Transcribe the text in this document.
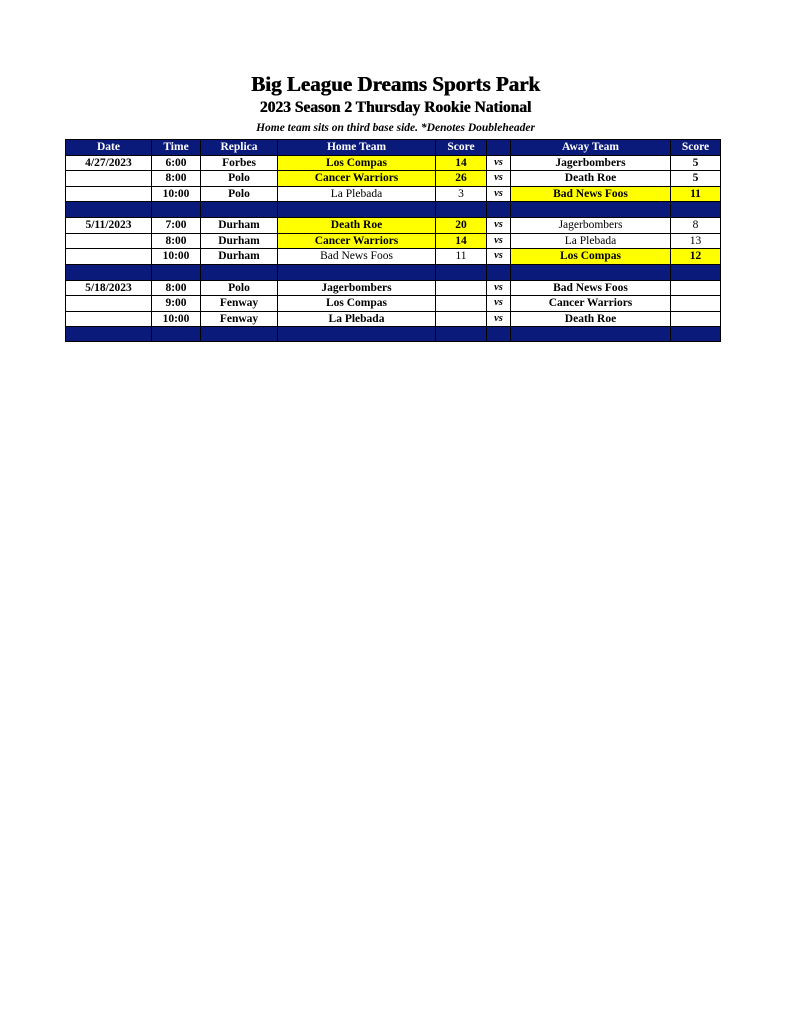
Big League Dreams Sports Park
2023 Season 2 Thursday Rookie National
Home team sits on third base side. *Denotes Doubleheader
Date	Time	Replica	Home Team	Score		Away Team	Score
4/27/2023	6:00	Forbes	Los Compas	14	vs	Jagerbombers	5
	8:00	Polo	Cancer Warriors	26	vs	Death Roe	5
	10:00	Polo	La Plebada	3	vs	Bad News Foos	11

5/11/2023	7:00	Durham	Death Roe	20	vs	Jagerbombers	8
	8:00	Durham	Cancer Warriors	14	vs	La Plebada	13
	10:00	Durham	Bad News Foos	11	vs	Los Compas	12

5/18/2023	8:00	Polo	Jagerbombers		vs	Bad News Foos	
	9:00	Fenway	Los Compas		vs	Cancer Warriors	
	10:00	Fenway	La Plebada		vs	Death Roe	
